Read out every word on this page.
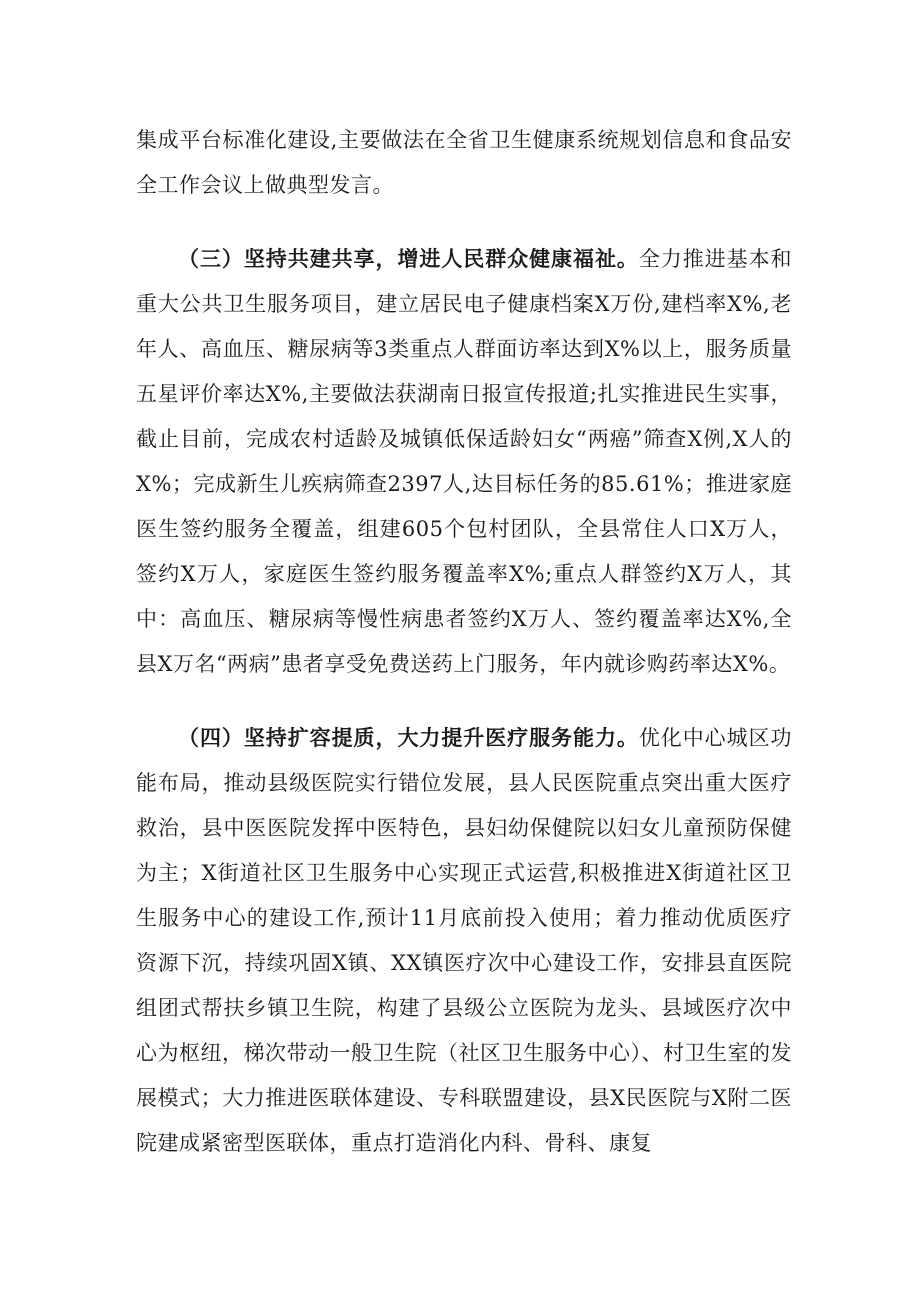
集成平台标准化建设,主要做法在全省卫生健康系统规划信息和食品安全工作会议上做典型发言。

（三）坚持共建共享，增进人民群众健康福祉。全力推进基本和重大公共卫生服务项目，建立居民电子健康档案X万份,建档率X%,老年人、高血压、糖尿病等3类重点人群面访率达到X%以上，服务质量五星评价率达X%,主要做法获湖南日报宣传报道;扎实推进民生实事，截止目前，完成农村适龄及城镇低保适龄妇女“两癌”筛查X例,X人的X%；完成新生儿疾病筛查2397人,达目标任务的85.61%；推进家庭医生签约服务全覆盖，组建605个包村团队，全县常住人口X万人，签约X万人，家庭医生签约服务覆盖率X%;重点人群签约X万人，其中：高血压、糖尿病等慢性病患者签约X万人、签约覆盖率达X%,全县X万名“两病”患者享受免费送药上门服务，年内就诊购药率达X%。

（四）坚持扩容提质，大力提升医疗服务能力。优化中心城区功能布局，推动县级医院实行错位发展，县人民医院重点突出重大医疗救治，县中医医院发挥中医特色，县妇幼保健院以妇女儿童预防保健为主；X街道社区卫生服务中心实现正式运营,积极推进X街道社区卫生服务中心的建设工作,预计11月底前投入使用；着力推动优质医疗资源下沉，持续巩固X镇、XX镇医疗次中心建设工作，安排县直医院组团式帮扶乡镇卫生院，构建了县级公立医院为龙头、县域医疗次中心为枢纽，梯次带动一般卫生院（社区卫生服务中心）、村卫生室的发展模式；大力推进医联体建设、专科联盟建设，县X民医院与X附二医院建成紧密型医联体，重点打造消化内科、骨科、康复
